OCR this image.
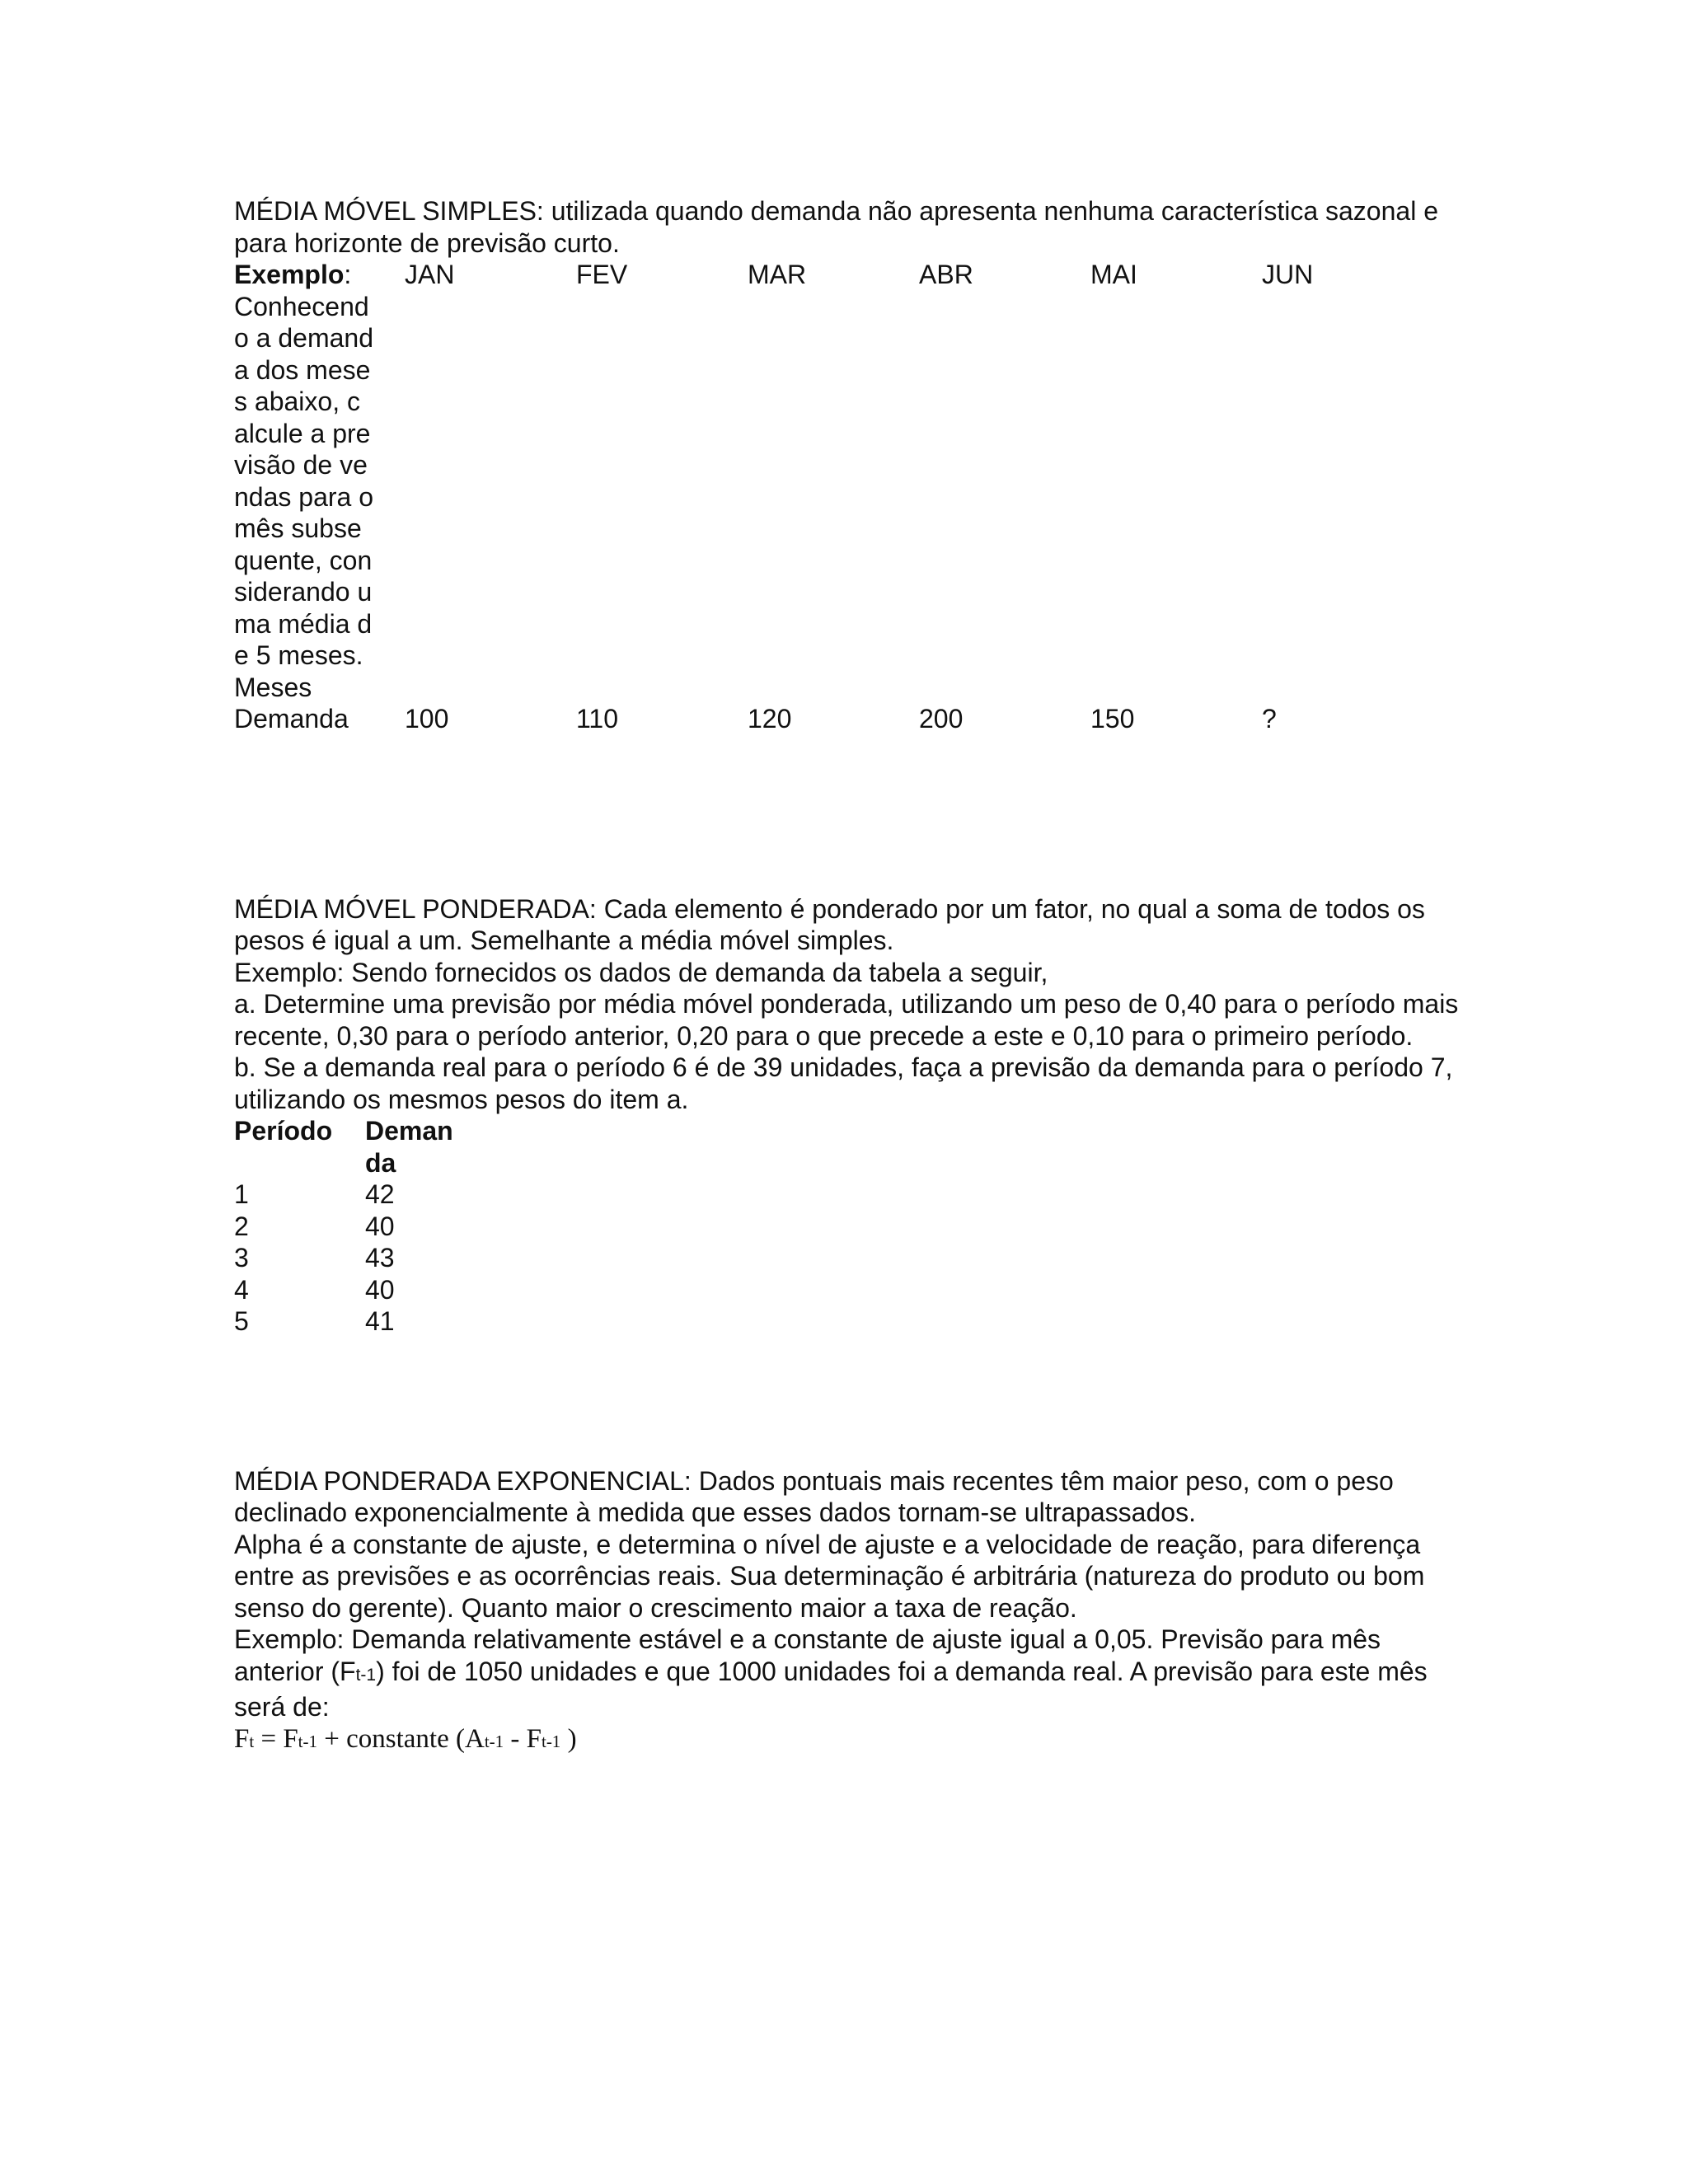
MÉDIA MÓVEL SIMPLES: utilizada quando demanda não apresenta nenhuma característica sazonal e para horizonte de previsão curto.

Exemplo:	JAN	FEV	MAR	ABR	MAI	JUN
Conhecendo a demanda dos meses abaixo, calcule a previsão de vendas para o mês subsequente, considerando uma média de 5 meses. Meses
Demanda	100	110	120	200	150	?

MÉDIA MÓVEL PONDERADA: Cada elemento é ponderado por um fator, no qual a soma de todos os pesos é igual a um. Semelhante a média móvel simples.

Exemplo: Sendo fornecidos os dados de demanda da tabela a seguir,

a. Determine uma previsão por média móvel ponderada, utilizando um peso de 0,40 para o período mais recente, 0,30 para o período anterior, 0,20 para o que precede a este e 0,10 para o primeiro período.

b. Se a demanda real para o período 6 é de 39 unidades, faça a previsão da demanda para o período 7, utilizando os mesmos pesos do item a.

Período Demanda
1	42
2	40
3	43
4	40
5	41

MÉDIA PONDERADA EXPONENCIAL: Dados pontuais mais recentes têm maior peso, com o peso declinado exponencialmente à medida que esses dados tornam-se ultrapassados.

Alpha é a constante de ajuste, e determina o nível de ajuste e a velocidade de reação, para diferença entre as previsões e as ocorrências reais. Sua determinação é arbitrária (natureza do produto ou bom senso do gerente). Quanto maior o crescimento maior a taxa de reação.

Exemplo: Demanda relativamente estável e a constante de ajuste igual a 0,05. Previsão para mês anterior (Ft-1) foi de 1050 unidades e que 1000 unidades foi a demanda real. A previsão para este mês será de:

Ft = Ft-1 + constante (At-1 - Ft-1 )
